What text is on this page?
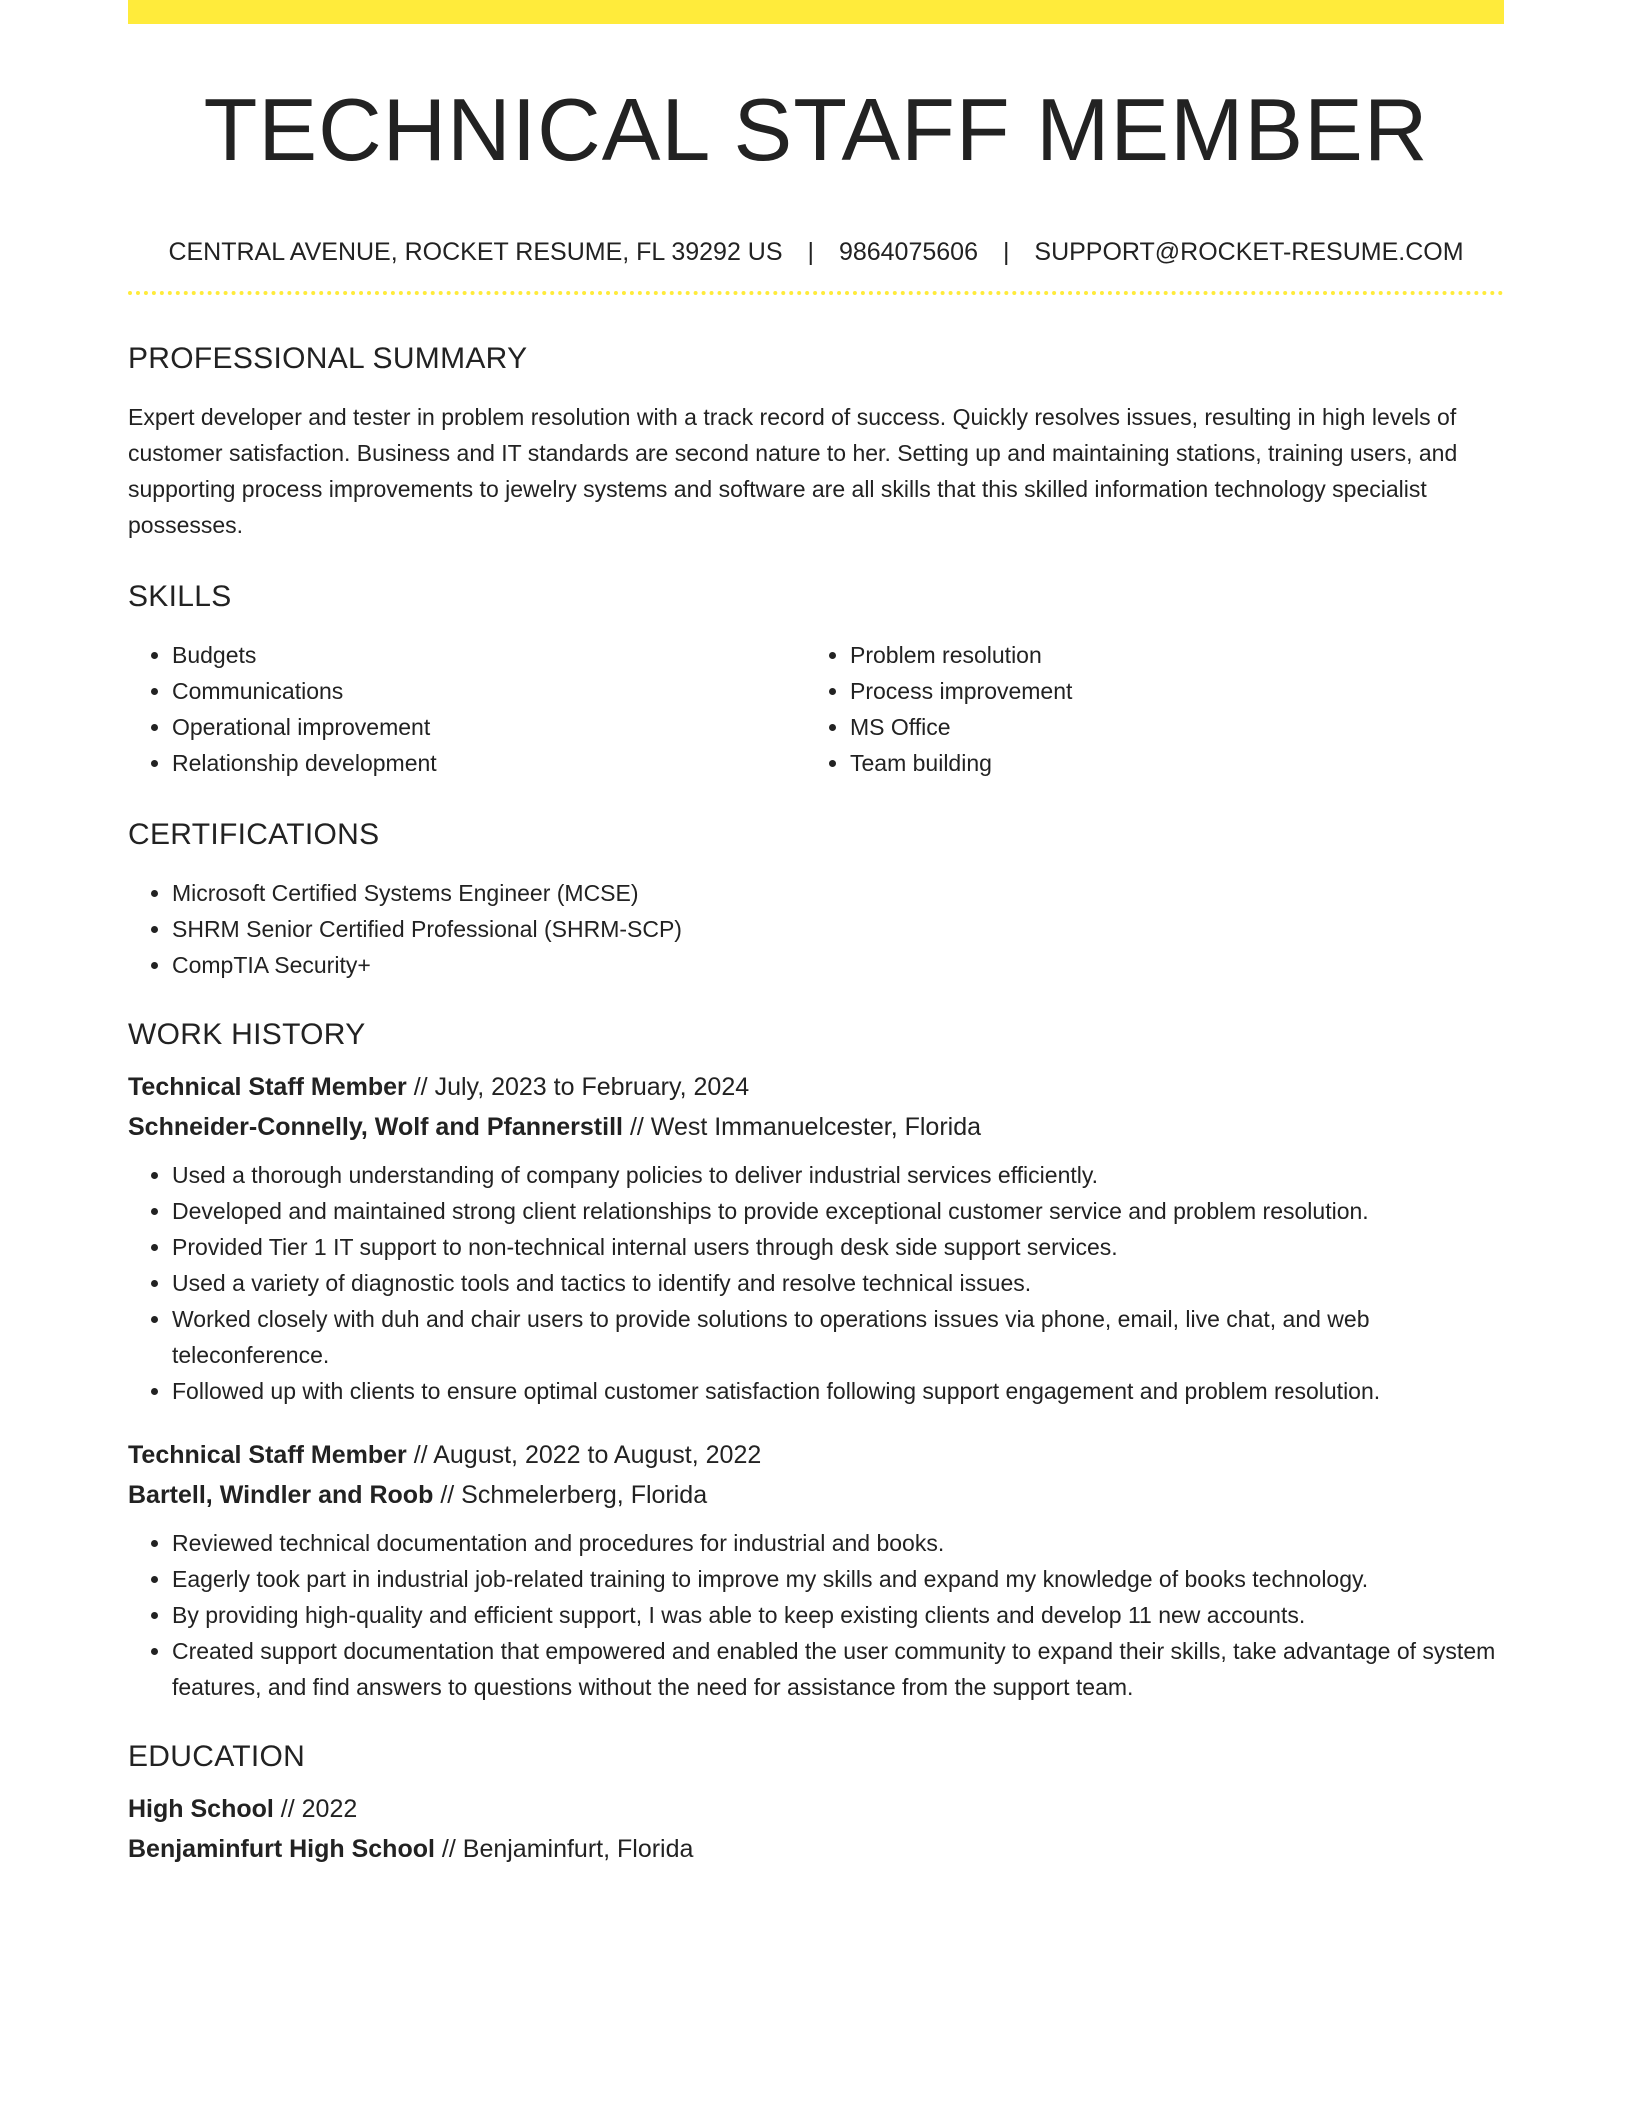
TECHNICAL STAFF MEMBER
CENTRAL AVENUE, ROCKET RESUME, FL 39292 US | 9864075606 | SUPPORT@ROCKET-RESUME.COM
PROFESSIONAL SUMMARY

Expert developer and tester in problem resolution with a track record of success. Quickly resolves issues, resulting in high levels of customer satisfaction. Business and IT standards are second nature to her. Setting up and maintaining stations, training users, and supporting process improvements to jewelry systems and software are all skills that this skilled information technology specialist possesses.

SKILLS
• Budgets
• Communications
• Operational improvement
• Relationship development
• Problem resolution
• Process improvement
• MS Office
• Team building
CERTIFICATIONS
• Microsoft Certified Systems Engineer (MCSE)
• SHRM Senior Certified Professional (SHRM-SCP)
• CompTIA Security+
WORK HISTORY
Technical Staff Member // July, 2023 to February, 2024
Schneider-Connelly, Wolf and Pfannerstill // West Immanuelcester, Florida
• Used a thorough understanding of company policies to deliver industrial services efficiently.
• Developed and maintained strong client relationships to provide exceptional customer service and problem resolution.
• Provided Tier 1 IT support to non-technical internal users through desk side support services.
• Used a variety of diagnostic tools and tactics to identify and resolve technical issues.
• Worked closely with duh and chair users to provide solutions to operations issues via phone, email, live chat, and web teleconference.
• Followed up with clients to ensure optimal customer satisfaction following support engagement and problem resolution.
Technical Staff Member // August, 2022 to August, 2022
Bartell, Windler and Roob // Schmelerberg, Florida
• Reviewed technical documentation and procedures for industrial and books.
• Eagerly took part in industrial job-related training to improve my skills and expand my knowledge of books technology.
• By providing high-quality and efficient support, I was able to keep existing clients and develop 11 new accounts.
• Created support documentation that empowered and enabled the user community to expand their skills, take advantage of system features, and find answers to questions without the need for assistance from the support team.
EDUCATION
High School // 2022
Benjaminfurt High School // Benjaminfurt, Florida
